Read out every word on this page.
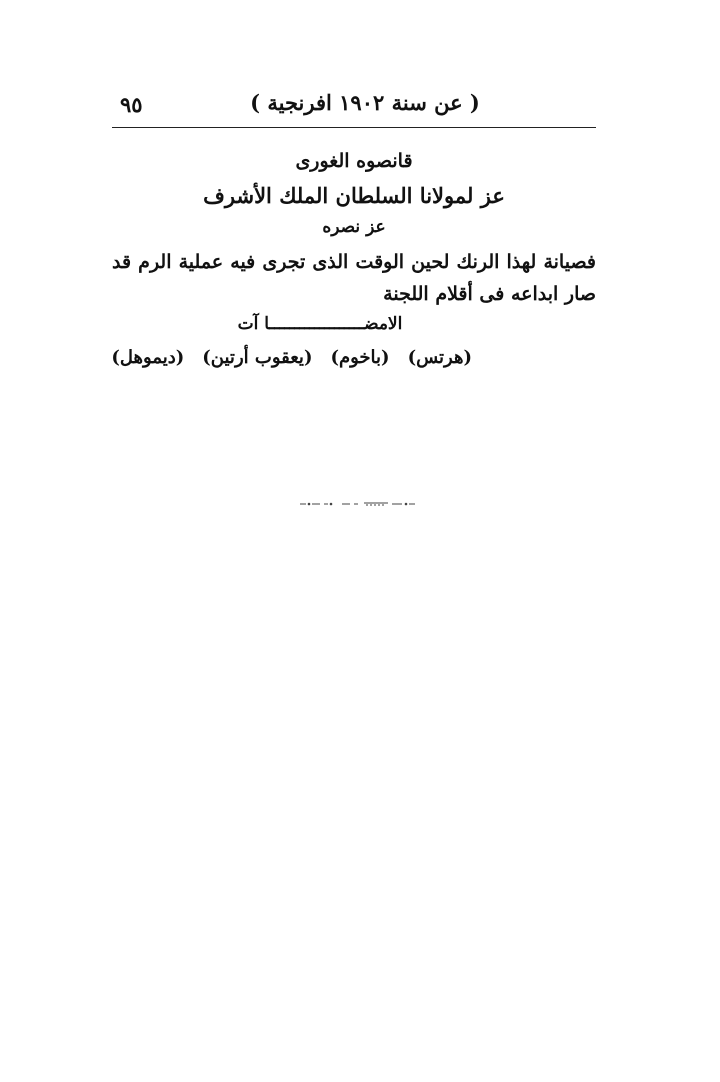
( عن سنة ١٩٠٢ افرنجية )
٩٥
قانصوه الغورى
عز لمولانا السلطان الملك الأشرف
عز نصره
فصيانة لهذا الرنك لحين الوقت الذى تجرى فيه عملية الرم قد صار ابداعه فى أقلام اللجنة
الامضـــــــــــــــــــا آت
(هرتس)
(باخوم)
(يعقوب أرتين)
(ديموهل)
